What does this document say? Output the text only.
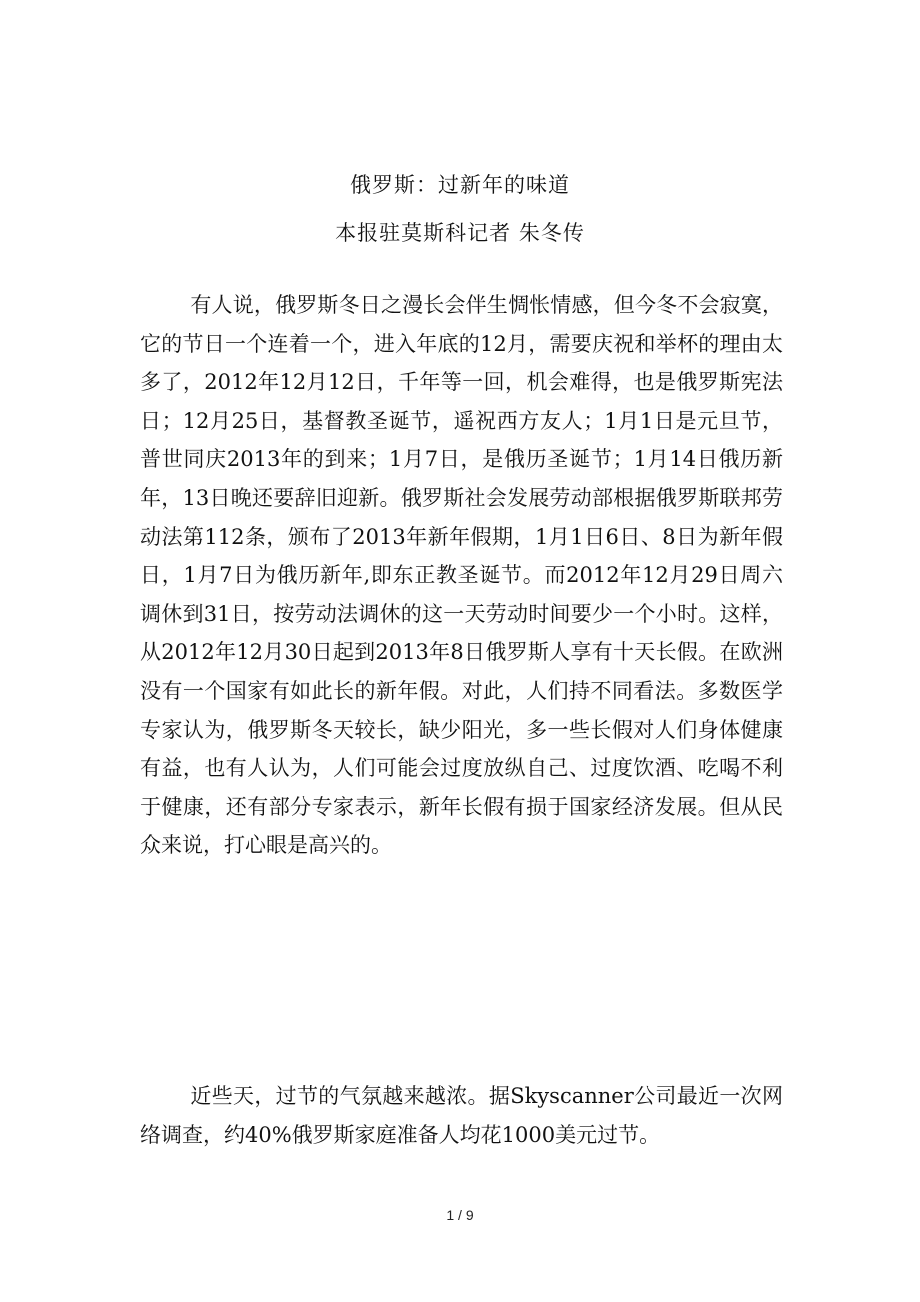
俄罗斯：过新年的味道
本报驻莫斯科记者 朱冬传

有人说，俄罗斯冬日之漫长会伴生惆怅情感，但今冬不会寂寞，它的节日一个连着一个，进入年底的12月，需要庆祝和举杯的理由太多了，2012年12月12日，千年等一回，机会难得，也是俄罗斯宪法日；12月25日，基督教圣诞节，遥祝西方友人；1月1日是元旦节，普世同庆2013年的到来；1月7日，是俄历圣诞节；1月14日俄历新年，13日晚还要辞旧迎新。俄罗斯社会发展劳动部根据俄罗斯联邦劳动法第112条，颁布了2013年新年假期，1月1日6日、8日为新年假日，1月7日为俄历新年,即东正教圣诞节。而2012年12月29日周六调休到31日，按劳动法调休的这一天劳动时间要少一个小时。这样，从2012年12月30日起到2013年8日俄罗斯人享有十天长假。在欧洲没有一个国家有如此长的新年假。对此，人们持不同看法。多数医学专家认为，俄罗斯冬天较长，缺少阳光，多一些长假对人们身体健康有益，也有人认为，人们可能会过度放纵自己、过度饮酒、吃喝不利于健康，还有部分专家表示，新年长假有损于国家经济发展。但从民众来说，打心眼是高兴的。

近些天，过节的气氛越来越浓。据Skyscanner公司最近一次网络调查，约40%俄罗斯家庭准备人均花1000美元过节。

1 / 9
